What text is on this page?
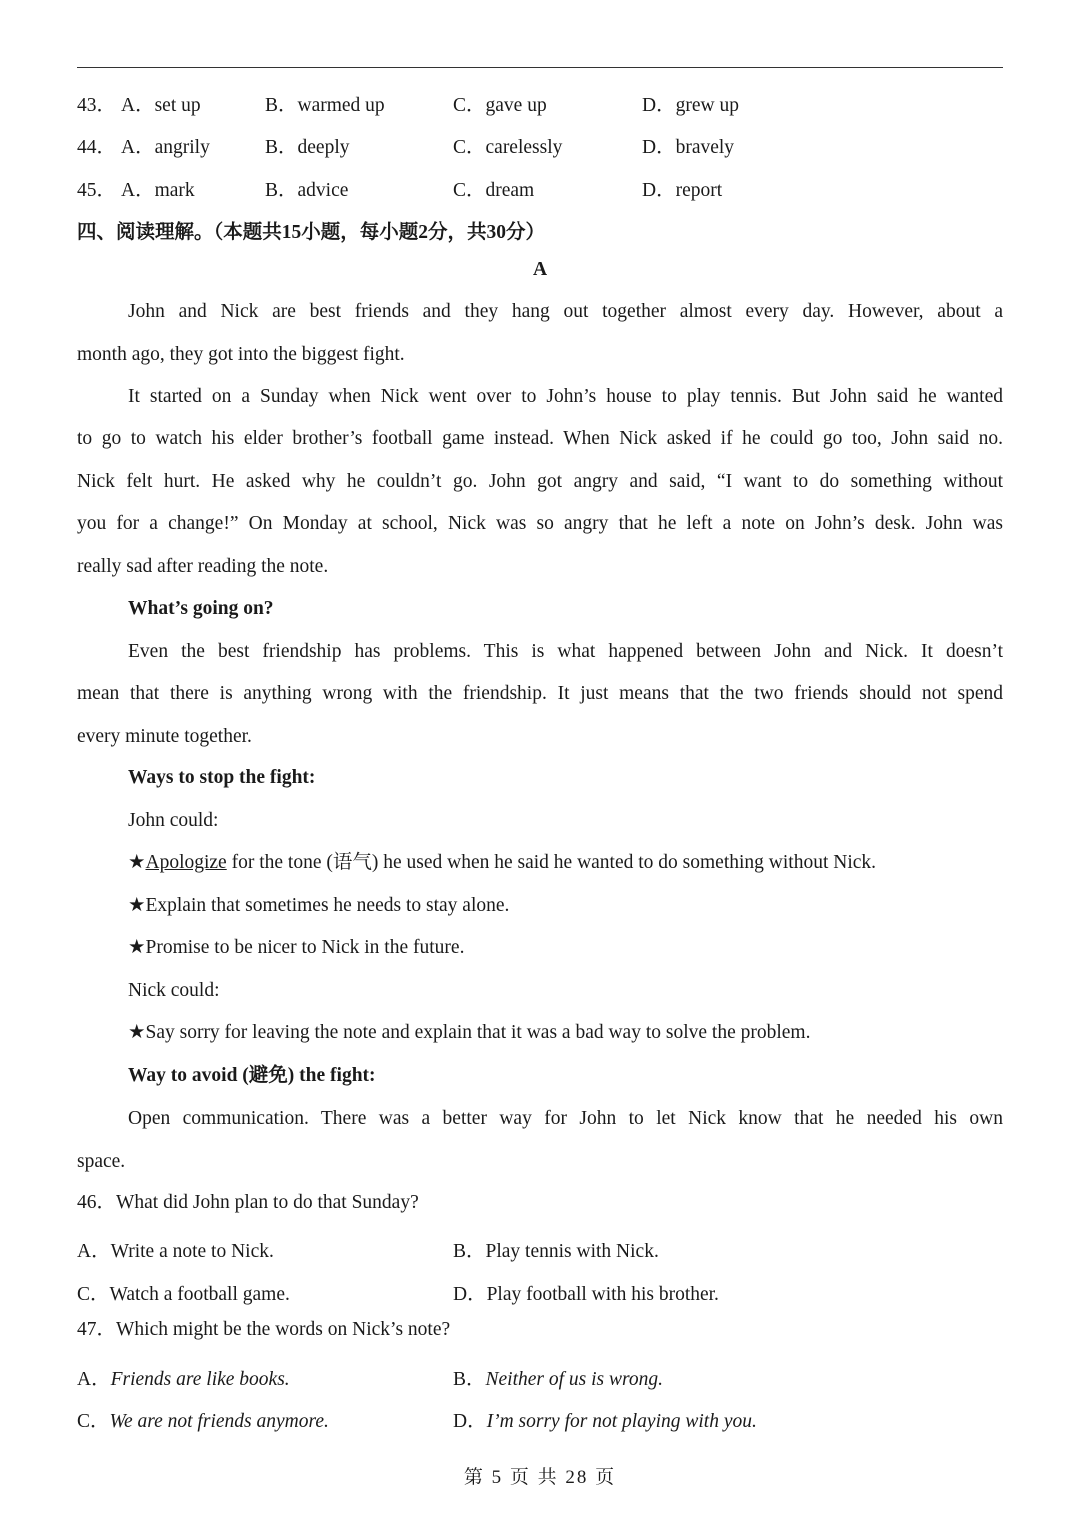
43． A．set up	B．warmed up	C．gave up	D．grew up
44． A．angrily	B．deeply	C．carelessly	D．bravely
45． A．mark	B．advice	C．dream	D．report
四、阅读理解。（本题共15小题，每小题2分，共30分）
A
John and Nick are best friends and they hang out together almost every day. However, about a
month ago, they got into the biggest fight.
It started on a Sunday when Nick went over to John’s house to play tennis. But John said he wanted
to go to watch his elder brother’s football game instead. When Nick asked if he could go too, John said no.
Nick felt hurt. He asked why he couldn’t go. John got angry and said, “I want to do something without
you for a change!” On Monday at school, Nick was so angry that he left a note on John’s desk. John was
really sad after reading the note.
What’s going on?
Even the best friendship has problems. This is what happened between John and Nick. It doesn’t
mean that there is anything wrong with the friendship. It just means that the two friends should not spend
every minute together.
Ways to stop the fight:
John could:
★Apologize for the tone (语气) he used when he said he wanted to do something without Nick.
★Explain that sometimes he needs to stay alone.
★Promise to be nicer to Nick in the future.
Nick could:
★Say sorry for leaving the note and explain that it was a bad way to solve the problem.
Way to avoid (避免) the fight:
Open communication. There was a better way for John to let Nick know that he needed his own
space.
46．What did John plan to do that Sunday?
A．Write a note to Nick.	B．Play tennis with Nick.
C．Watch a football game.	D．Play football with his brother.
47．Which might be the words on Nick’s note?
A．Friends are like books.	B．Neither of us is wrong.
C．We are not friends anymore.	D．I’m sorry for not playing with you.
第 5 页 共 28 页
